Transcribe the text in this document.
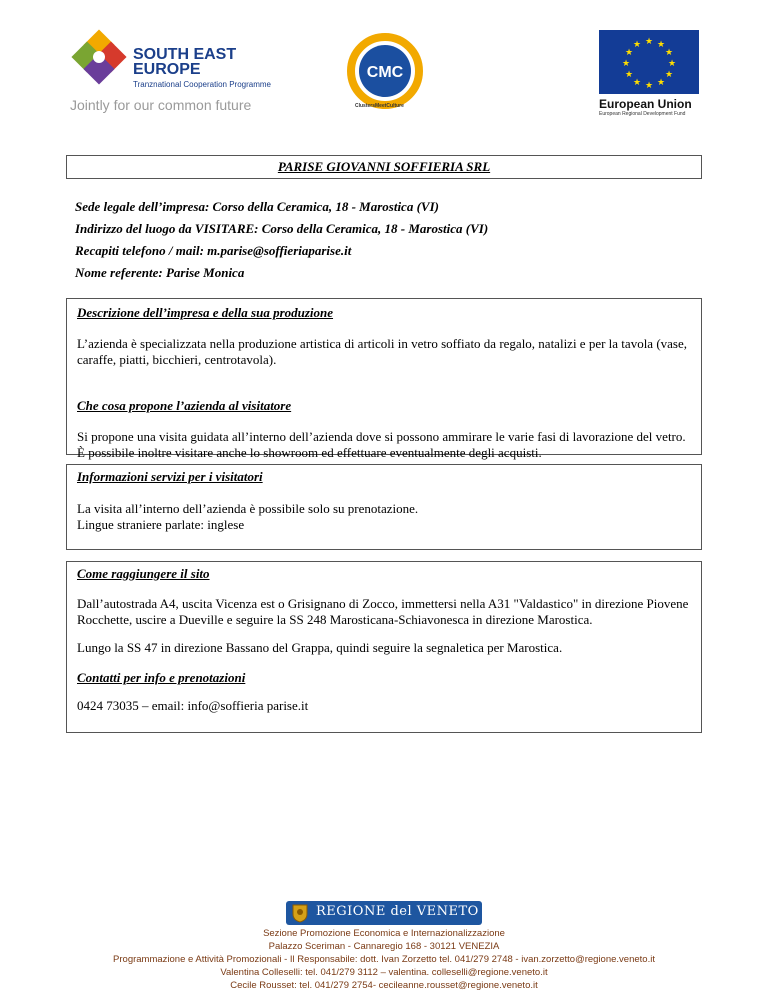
SOUTH EAST
EUROPE
Tranznational Cooperation Programme
Jointly for our common future
CMC
ClustersMeetCulture
★ ★
★
★
★
★
★
★
★
★
★
★
European Union
European Regional Development Fund
PARISE GIOVANNI SOFFIERIA SRL
Sede legale dell’impresa: Corso della Ceramica, 18 - Marostica (VI)
Indirizzo del luogo da VISITARE: Corso della Ceramica, 18 - Marostica (VI)
Recapiti telefono / mail: m.parise@soffieriaparise.it
Nome referente: Parise Monica
Descrizione dell’impresa e della sua produzione

L’azienda è specializzata nella produzione artistica di articoli in vetro soffiato da regalo, natalizi e per la tavola (vase, caraffe, piatti, bicchieri, centrotavola).

Che cosa propone l’azienda al visitatore

Si propone una visita guidata all’interno dell’azienda dove si possono ammirare le varie fasi di lavorazione del vetro. È possibile inoltre visitare anche lo showroom ed effettuare eventualmente degli acquisti.

Informazioni servizi per i visitatori

La visita all’interno dell’azienda è possibile solo su prenotazione.

Lingue straniere parlate: inglese

Come raggiungere il sito

Dall’autostrada A4, uscita Vicenza est o Grisignano di Zocco, immettersi nella A31 "Valdastico" in direzione Piovene Rocchette, uscire a Dueville e seguire la SS 248 Marosticana-Schiavonesca in direzione Marostica.

Lungo la SS 47 in direzione Bassano del Grappa, quindi seguire la segnaletica per Marostica.

Contatti per info e prenotazioni

0424 73035 – email: info@soffieria parise.it

REGIONE del VENETO
Sezione Promozione Economica e Internazionalizzazione
Palazzo Sceriman - Cannaregio 168 - 30121 VENEZIA
Programmazione e Attività Promozionali - Il Responsabile: dott. Ivan Zorzetto tel. 041/279 2748 - ivan.zorzetto@regione.veneto.it
Valentina Colleselli: tel. 041/279 3112 – valentina. colleselli@regione.veneto.it
Cecile Rousset: tel. 041/279 2754- cecileanne.rousset@regione.veneto.it
